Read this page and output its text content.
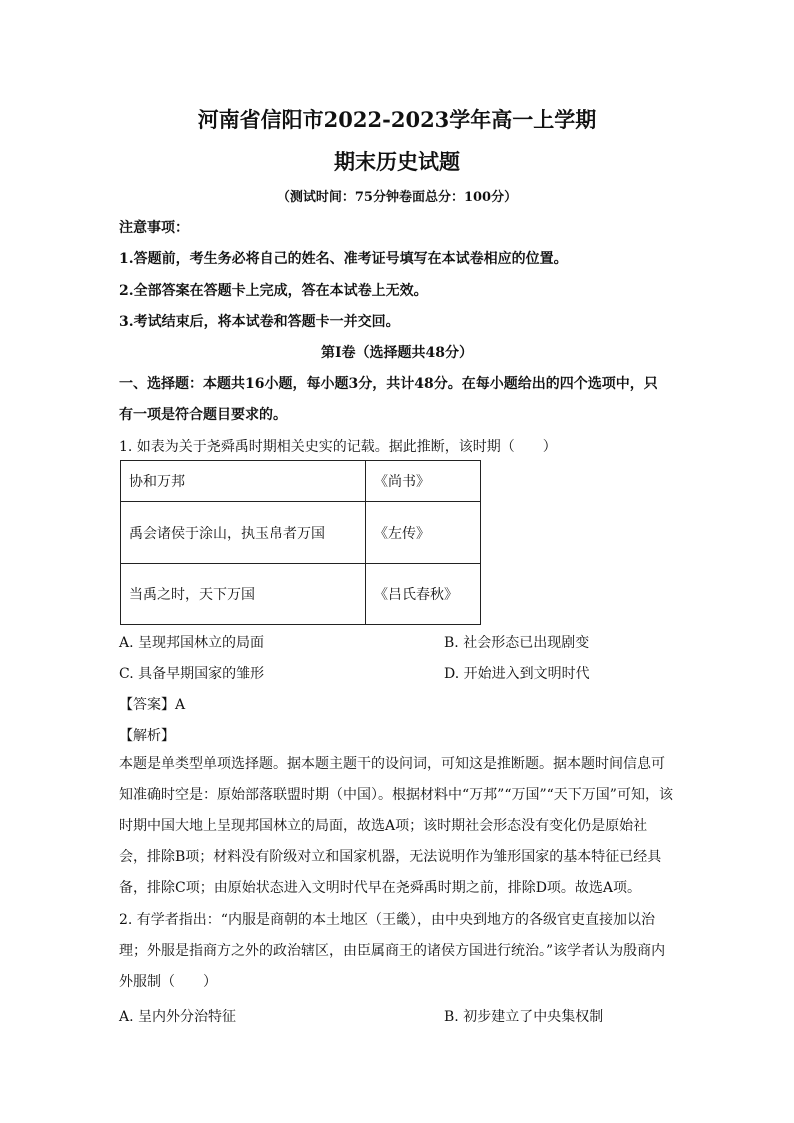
河南省信阳市2022-2023学年高一上学期
期末历史试题
（测试时间：75分钟卷面总分：100分）
注意事项：
1.答题前，考生务必将自己的姓名、准考证号填写在本试卷相应的位置。
2.全部答案在答题卡上完成，答在本试卷上无效。
3.考试结束后，将本试卷和答题卡一并交回。
第I卷（选择题共48分）
一、选择题：本题共16小题，每小题3分，共计48分。在每小题给出的四个选项中，只
有一项是符合题目要求的。
1. 如表为关于尧舜禹时期相关史实的记载。据此推断，该时期（　　）
协和万邦	《尚书》
禹会诸侯于涂山，执玉帛者万国	《左传》
当禹之时，天下万国	《吕氏春秋》
A. 呈现邦国林立的局面	B. 社会形态已出现剧变
C. 具备早期国家的雏形	D. 开始进入到文明时代
【答案】A
【解析】
本题是单类型单项选择题。据本题主题干的设问词，可知这是推断题。据本题时间信息可
知准确时空是：原始部落联盟时期（中国）。根据材料中“万邦”“万国”“天下万国”可知，该
时期中国大地上呈现邦国林立的局面，故选A项；该时期社会形态没有变化仍是原始社
会，排除B项；材料没有阶级对立和国家机器，无法说明作为雏形国家的基本特征已经具
备，排除C项；由原始状态进入文明时代早在尧舜禹时期之前，排除D项。故选A项。
2. 有学者指出：“内服是商朝的本土地区（王畿），由中央到地方的各级官吏直接加以治
理；外服是指商方之外的政治辖区，由臣属商王的诸侯方国进行统治。”该学者认为殷商内
外服制（　　）
A. 呈内外分治特征	B. 初步建立了中央集权制
